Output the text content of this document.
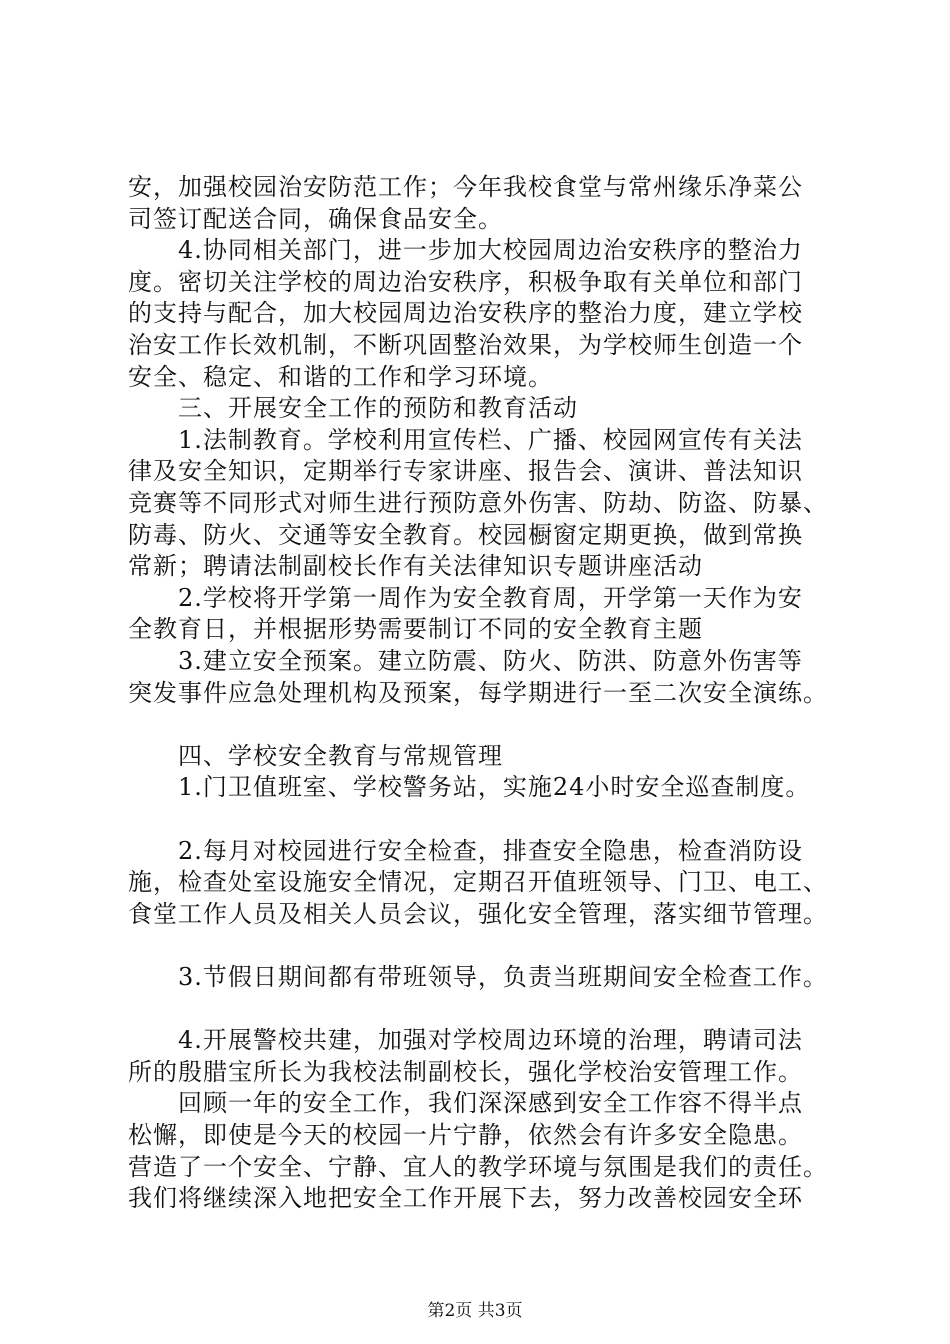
安，加强校园治安防范工作；今年我校食堂与常州缘乐净菜公
司签订配送合同，确保食品安全。
　　4.协同相关部门，进一步加大校园周边治安秩序的整治力
度。密切关注学校的周边治安秩序，积极争取有关单位和部门
的支持与配合，加大校园周边治安秩序的整治力度，建立学校
治安工作长效机制，不断巩固整治效果，为学校师生创造一个
安全、稳定、和谐的工作和学习环境。
　　三、开展安全工作的预防和教育活动
　　1.法制教育。学校利用宣传栏、广播、校园网宣传有关法
律及安全知识，定期举行专家讲座、报告会、演讲、普法知识
竞赛等不同形式对师生进行预防意外伤害、防劫、防盗、防暴、
防毒、防火、交通等安全教育。校园橱窗定期更换，做到常换
常新；聘请法制副校长作有关法律知识专题讲座活动
　　2.学校将开学第一周作为安全教育周，开学第一天作为安
全教育日，并根据形势需要制订不同的安全教育主题
　　3.建立安全预案。建立防震、防火、防洪、防意外伤害等
突发事件应急处理机构及预案，每学期进行一至二次安全演练。
　　四、学校安全教育与常规管理
　　1.门卫值班室、学校警务站，实施24小时安全巡查制度。
　　2.每月对校园进行安全检查，排查安全隐患，检查消防设
施，检查处室设施安全情况，定期召开值班领导、门卫、电工、
食堂工作人员及相关人员会议，强化安全管理，落实细节管理。
　　3.节假日期间都有带班领导，负责当班期间安全检查工作。
　　4.开展警校共建，加强对学校周边环境的治理，聘请司法
所的殷腊宝所长为我校法制副校长，强化学校治安管理工作。
　　回顾一年的安全工作，我们深深感到安全工作容不得半点
松懈，即使是今天的校园一片宁静，依然会有许多安全隐患。
营造了一个安全、宁静、宜人的教学环境与氛围是我们的责任。
我们将继续深入地把安全工作开展下去，努力改善校园安全环
第2页 共3页
